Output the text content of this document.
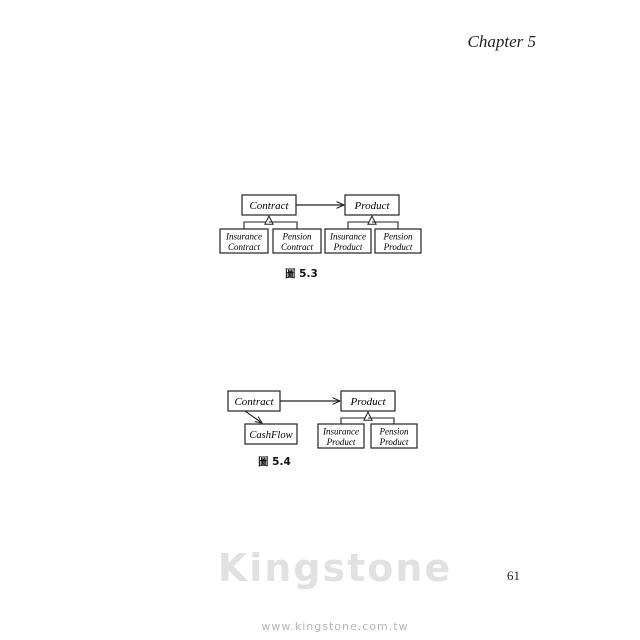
Chapter 5

Contract	Product
Insurance
Contract
Pension
Contract
Insurance
Product
Pension
Product
圖 5.3

Contract	Product
CashFlow	Insurance
Product
Pension
Product
圖 5.4

Kingstone
www.kingstone.com.tw
61
